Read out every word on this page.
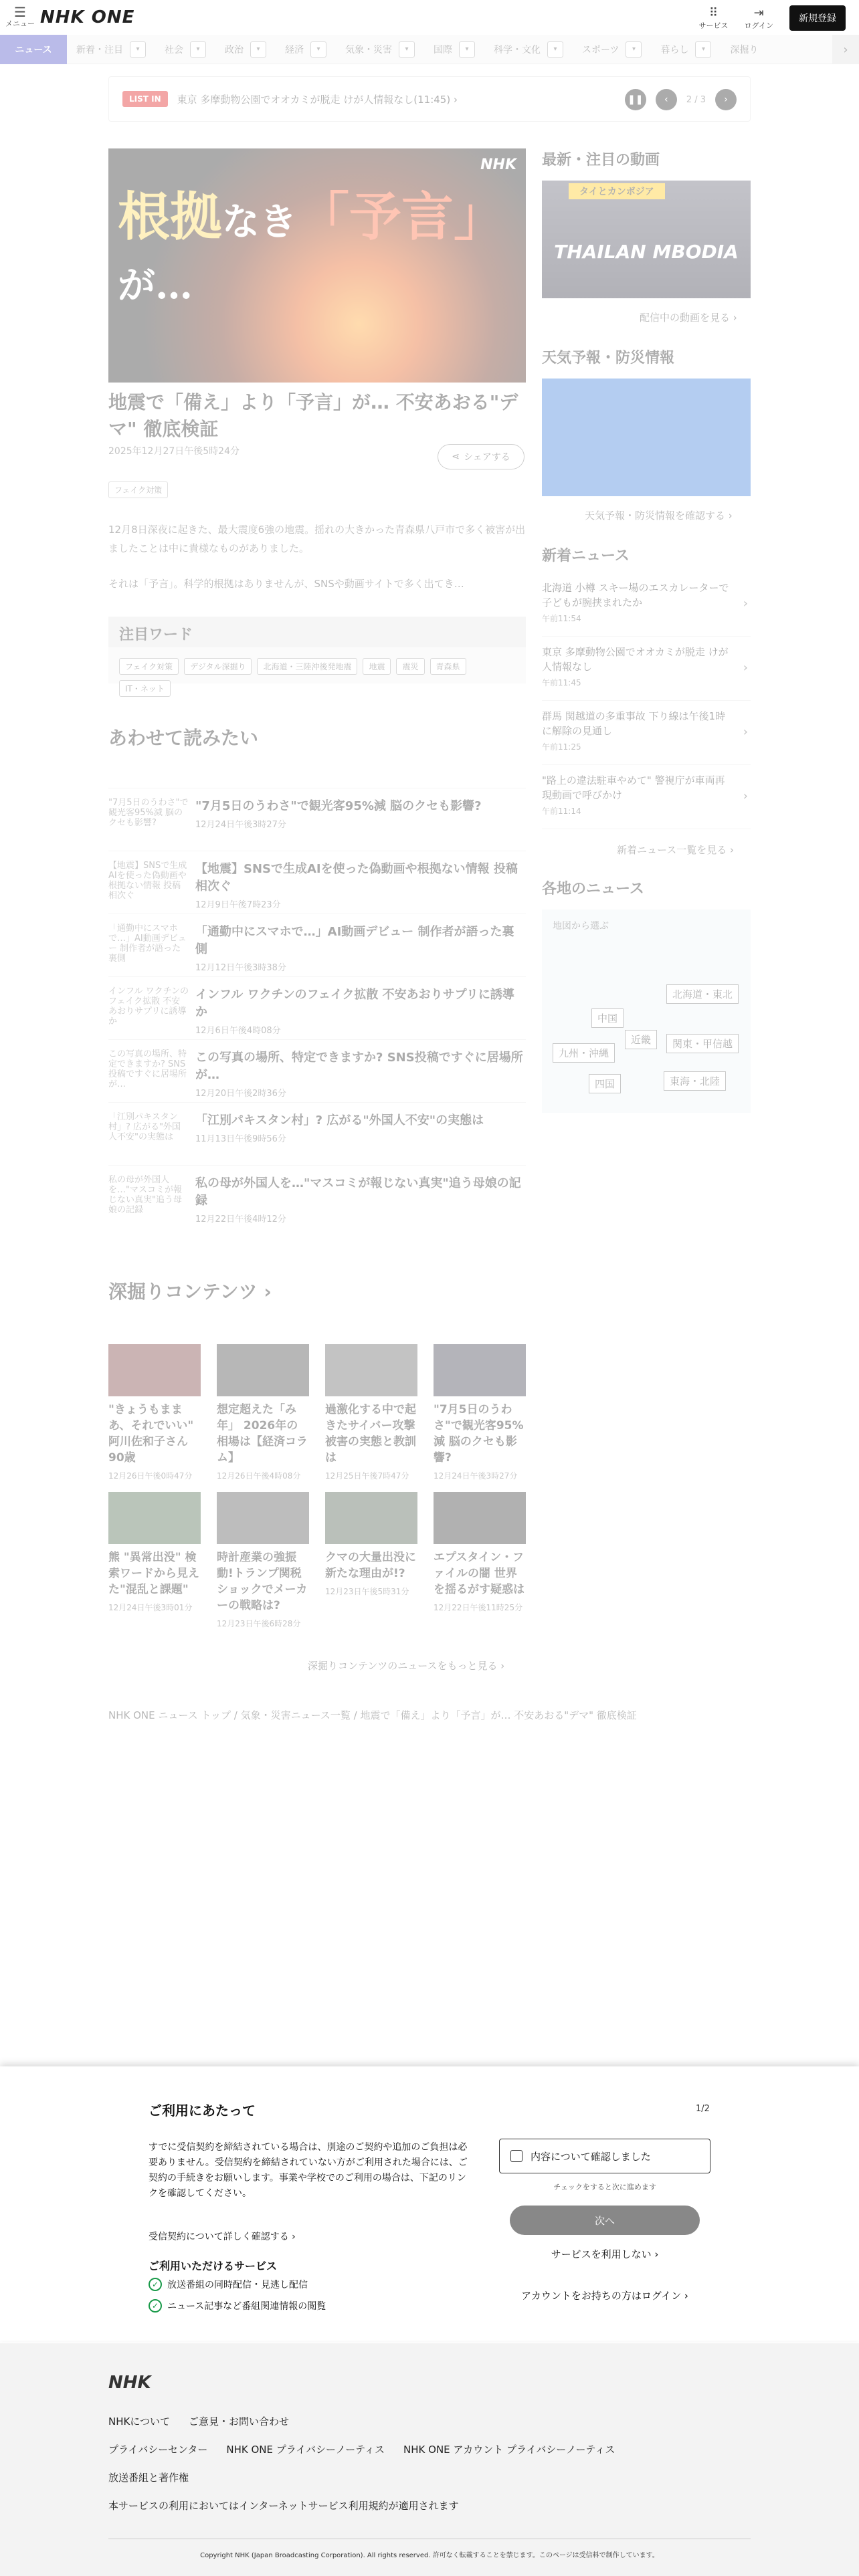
☰
メニュー NHK ONE	⠿
サービス
⇥
ログイン
新規登録
ニュース	新着・注目	▾	社会	▾	政治	▾	経済	▾	気象・災害	▾	国際	▾	科学・文化	▾	スポーツ	▾	暮らし	▾	深掘り	›
LIST IN	東京 多摩動物公園でオオカミが脱走 けが人情報なし(11:45) ›	❚❚	‹	2 / 3	›
根拠なき「予言」が…
NHK
地震で「備え」より「予言」が… 不安あおる"デマ" 徹底検証
2025年12月27日午後5時24分	⋖ シェアする
フェイク対策

12月8日深夜に起きた、最大震度6強の地震。揺れの大きかった青森県八戸市で多く被害が出ましたことは中に貴様なものがありました。

それは「予言」。科学的根拠はありませんが、SNSや動画サイトで多く出てき…

注目ワード
フェイク対策	デジタル深掘り	北海道・三陸沖後発地震	地震	震災	青森県
IT・ネット
あわせて読みたい
"7月5日のうわさ"で観光客95%減 脳のクセも影響?
"7月5日のうわさ"で観光客95%減 脳のクセも影響?
12月24日午後3時27分
【地震】SNSで生成AIを使った偽動画や根拠ない情報 投稿相次ぐ
【地震】SNSで生成AIを使った偽動画や根拠ない情報 投稿相次ぐ
12月9日午後7時23分
「通勤中にスマホで…」AI動画デビュー 制作者が語った裏側
「通勤中にスマホで…」AI動画デビュー 制作者が語った裏側
12月12日午後3時38分
インフル ワクチンのフェイク拡散 不安あおりサプリに誘導か
インフル ワクチンのフェイク拡散 不安あおりサプリに誘導か
12月6日午後4時08分
この写真の場所、特定できますか? SNS投稿ですぐに居場所が…
この写真の場所、特定できますか? SNS投稿ですぐに居場所が…
12月20日午後2時36分
「江別パキスタン村」? 広がる"外国人不安"の実態は
「江別パキスタン村」? 広がる"外国人不安"の実態は
11月13日午後9時56分
私の母が外国人を…"マスコミが報じない真実"追う母娘の記録
私の母が外国人を…"マスコミが報じない真実"追う母娘の記録
12月22日午後4時12分
深掘りコンテンツ ›
"きょうもままあ、それでいい" 阿川佐和子さん 90歳
12月26日午後0時47分
想定超えた「み年」 2026年の相場は【経済コラム】
12月26日午後4時08分
過激化する中で起きたサイバー攻撃 被害の実態と教訓は
12月25日午後7時47分
"7月5日のうわさ"で観光客95%減 脳のクセも影響?
12月24日午後3時27分
熊 "異常出没" 検索ワードから見えた"混乱と課題"
12月24日午後3時01分
時計産業の強振動!トランプ関税ショックでメーカーの戦略は?
12月23日午後6時28分
クマの大量出没に新たな理由が!?
12月23日午後5時31分
エプスタイン・ファイルの闇 世界を揺るがす疑惑は
12月22日午後11時25分
深掘りコンテンツのニュースをもっと見る ›
NHK ONE ニュース トップ / 気象・災害ニュース一覧 / 地震で「備え」より「予言」が… 不安あおる"デマ" 徹底検証
最新・注目の動画
タイとカンボジア
THAILAN MBODIA
配信中の動画を見る ›
天気予報・防災情報
天気予報・防災情報を確認する ›
新着ニュース
北海道 小樽 スキー場のエスカレーターで子どもが腕挟まれたか
午前11:54
›
東京 多摩動物公園でオオカミが脱走 けが人情報なし
午前11:45
›
群馬 関越道の多重事故 下り線は午後1時に解除の見通し
午前11:25
›
"路上の違法駐車やめて" 警視庁が車両再現動画で呼びかけ
午前11:14
›
新着ニュース一覧を見る ›
各地のニュース
地図から選ぶ
北海道・東北
中国
近畿	関東・甲信越
九州・沖縄
四国	東海・北陸
ご利用にあたって	1/2

すでに受信契約を締結されている場合は、別途のご契約や追加のご負担は必要ありません。受信契約を締結されていない方がご利用された場合には、ご契約の手続きをお願いします。事業や学校でのご利用の場合は、下記のリンクを確認してください。

受信契約について詳しく確認する ›
ご利用いただけるサービス
✓ 放送番組の同時配信・見逃し配信
✓ ニュース記事など番組関連情報の閲覧
内容について確認しました
チェックをすると次に進めます
次へ
サービスを利用しない ›
アカウントをお持ちの方はログイン ›
NHK
NHKについて ご意見・お問い合わせ
プライバシーセンター NHK ONE プライバシーノーティス NHK ONE アカウント プライバシーノーティス
放送番組と著作権
本サービスの利用においてはインターネットサービス利用規約が適用されます
Copyright NHK (Japan Broadcasting Corporation). All rights reserved. 許可なく転載することを禁じます。このページは受信料で制作しています。
